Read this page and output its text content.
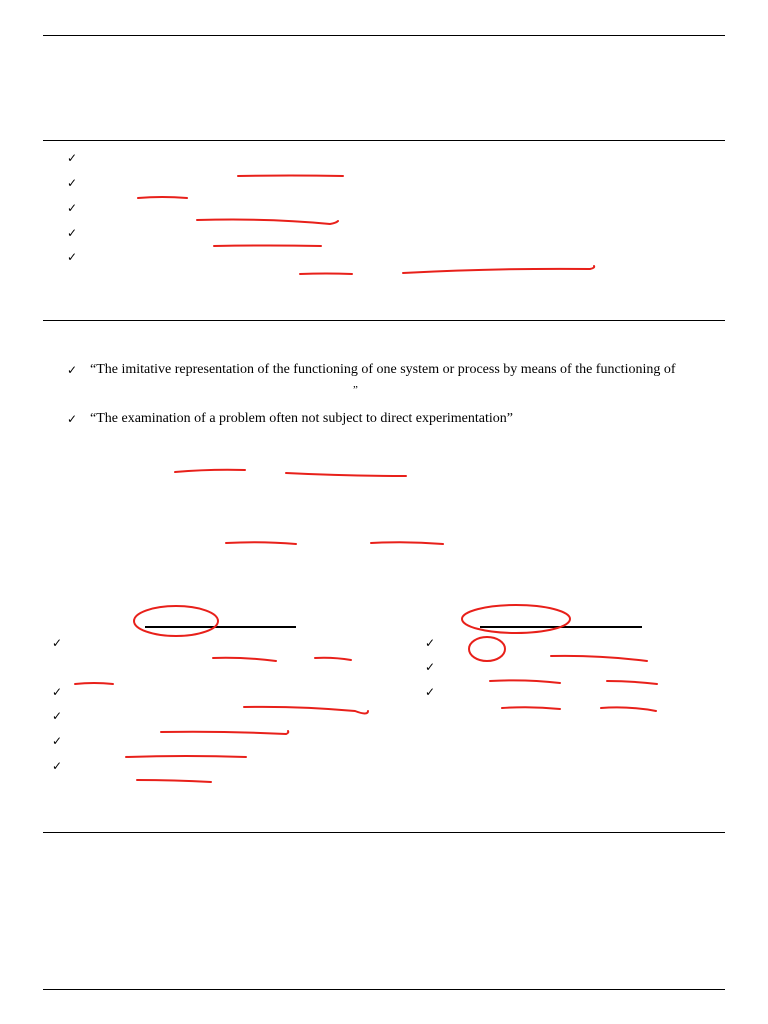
✓
✓
✓
✓
✓
✓ “The imitative representation of the functioning of one system or process by means of the functioning of
”
✓ “The examination of a problem often not subject to direct experimentation”
✓
✓
✓
✓
✓
✓
✓
✓
